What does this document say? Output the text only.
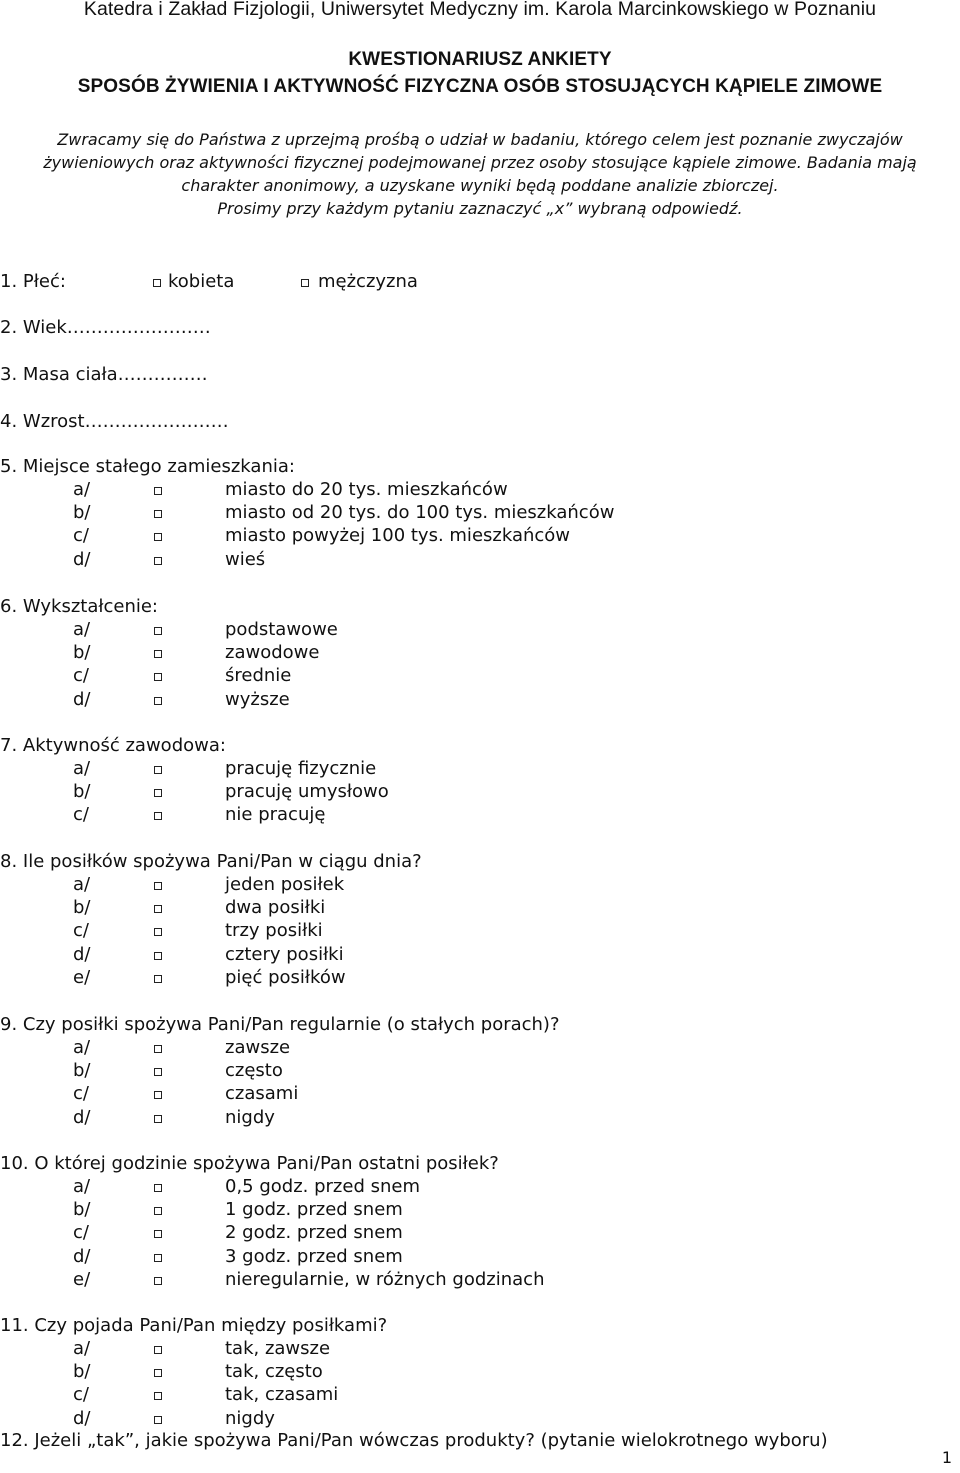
Katedra i Zakład Fizjologii, Uniwersytet Medyczny im. Karola Marcinkowskiego w Poznaniu
KWESTIONARIUSZ ANKIETY
SPOSÓB ŻYWIENIA I AKTYWNOŚĆ FIZYCZNA OSÓB STOSUJĄCYCH KĄPIELE ZIMOWE
Zwracamy się do Państwa z uprzejmą prośbą o udział w badaniu, którego celem jest poznanie zwyczajów
żywieniowych oraz aktywności fizycznej podejmowanej przez osoby stosujące kąpiele zimowe. Badania mają
charakter anonimowy, a uzyskane wyniki będą poddane analizie zbiorczej.
Prosimy przy każdym pytaniu zaznaczyć „x” wybraną odpowiedź.
1. Płeć:	kobieta	mężczyzna
2. Wiek……………………
3. Masa ciała……………
4. Wzrost……………………
5. Miejsce stałego zamieszkania:
a/	miasto do 20 tys. mieszkańców
b/	miasto od 20 tys. do 100 tys. mieszkańców
c/	miasto powyżej 100 tys. mieszkańców
d/	wieś
6. Wykształcenie:
a/	podstawowe
b/	zawodowe
c/	średnie
d/	wyższe
7. Aktywność zawodowa:
a/	pracuję fizycznie
b/	pracuję umysłowo
c/	nie pracuję
8. Ile posiłków spożywa Pani/Pan w ciągu dnia?
a/	jeden posiłek
b/	dwa posiłki
c/	trzy posiłki
d/	cztery posiłki
e/	pięć posiłków
9. Czy posiłki spożywa Pani/Pan regularnie (o stałych porach)?
a/	zawsze
b/	często
c/	czasami
d/	nigdy
10. O której godzinie spożywa Pani/Pan ostatni posiłek?
a/	0,5 godz. przed snem
b/	1 godz. przed snem
c/	2 godz. przed snem
d/	3 godz. przed snem
e/	nieregularnie, w różnych godzinach
11. Czy pojada Pani/Pan między posiłkami?
a/	tak, zawsze
b/	tak, często
c/	tak, czasami
d/	nigdy
12. Jeżeli „tak”, jakie spożywa Pani/Pan wówczas produkty? (pytanie wielokrotnego wyboru)
1
